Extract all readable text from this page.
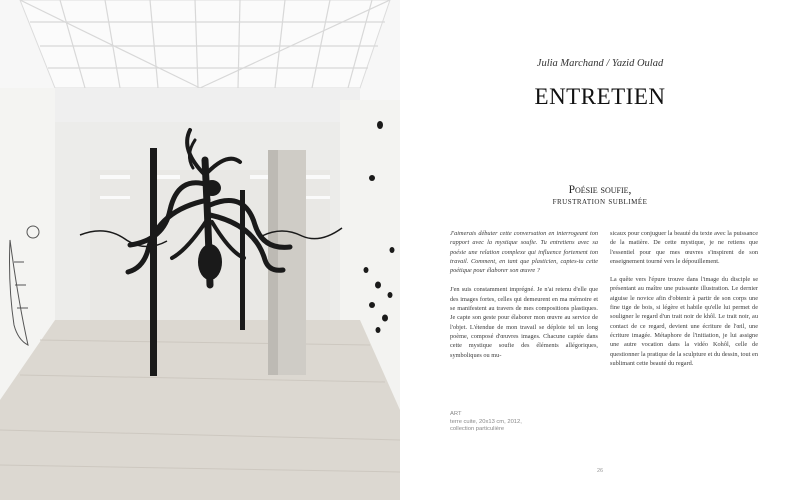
Julia Marchand / Yazid Oulad
ENTRETIEN
Poésie soufie,
frustration sublimée

J'aimerais débuter cette conversation en interrogeant ton rapport avec la mystique soufie. Tu entretiens avec sa poésie une relation complexe qui influence fortement ton travail. Comment, en tant que plasticien, captes-tu cette poétique pour élaborer son œuvre ?

J'en suis constamment imprégné. Je n'ai retenu d'elle que des images fortes, celles qui demeurent en ma mémoire et se manifestent au travers de mes compositions plastiques. Je capte son geste pour élaborer mon œuvre au service de l'objet. L'étendue de mon travail se déploie tel un long poème, composé d'œuvres images. Chacune captée dans cette mystique soufie des éléments allégoriques, symboliques ou mu-

sicaux pour conjuguer la beauté du texte avec la puissance de la matière. De cette mystique, je ne retiens que l'essentiel pour que mes œuvres s'inspirent de son enseignement tourné vers le dépouillement.

La quête vers l'épure trouve dans l'image du disciple se présentant au maître une puissante illustration. Le dernier aiguise le novice afin d'obtenir à partir de son corps une fine tige de bois, si légère et habile qu'elle lui permet de souligner le regard d'un trait noir de khôl. Le trait noir, au contact de ce regard, devient une écriture de l'œil, une écriture imagée. Métaphore de l'initiation, je lui assigne une autre vocation dans la vidéo Kohôl, celle de questionner la pratique de la sculpture et du dessin, tout en sublimant cette beauté du regard.

ART
terre cuite, 20x13 cm, 2012,
collection particulière
26
